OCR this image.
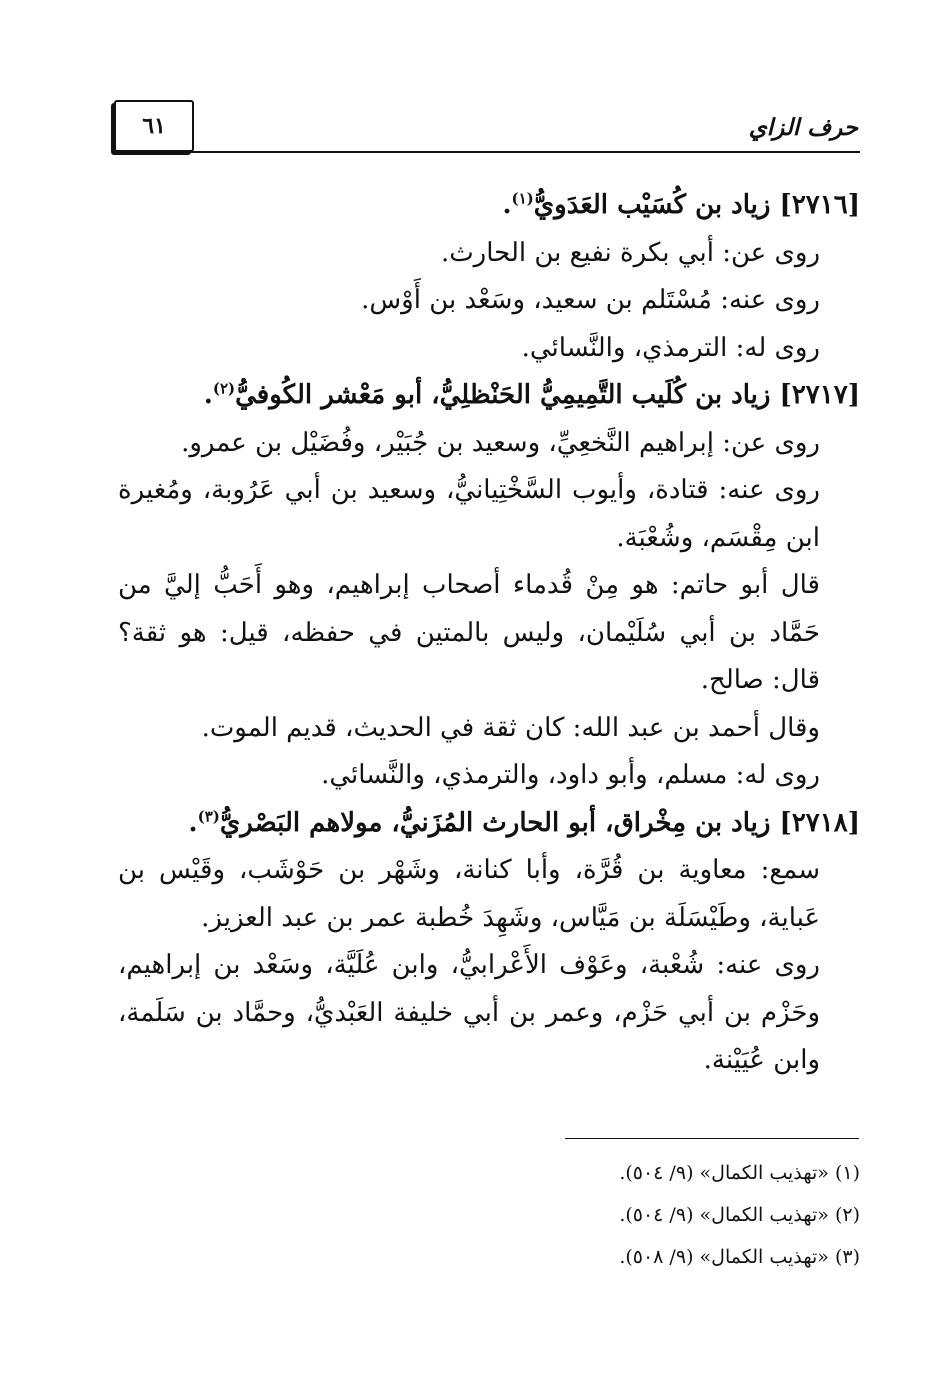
٦١	حرف الزاي

[٢٧١٦] زياد بن كُسَيْب العَدَويُّ$^{(١)}$.

روى عن: أبي بكرة نفيع بن الحارث.

روى عنه: مُسْتَلم بن سعيد، وسَعْد بن أَوْس.

روى له: الترمذي، والنَّسائي.

[٢٧١٧] زياد بن كُلَيب التَّمِيمِيُّ الحَنْظلِيُّ، أبو مَعْشر الكُوفيُّ$^{(٢)}$.

روى عن: إبراهيم النَّخعِيِّ، وسعيد بن جُبَيْر، وفُضَيْل بن عمرو.

روى عنه: قتادة، وأيوب السَّخْتِيانيُّ، وسعيد بن أبي عَرُوبة، ومُغيرة ابن مِقْسَم، وشُعْبَة.

قال أبو حاتم: هو مِنْ قُدماء أصحاب إبراهيم، وهو أَحَبُّ إليَّ من حَمَّاد بن أبي سُلَيْمان، وليس بالمتين في حفظه، قيل: هو ثقة؟ قال: صالح.

وقال أحمد بن عبد الله: كان ثقة في الحديث، قديم الموت.

روى له: مسلم، وأبو داود، والترمذي، والنَّسائي.

[٢٧١٨] زياد بن مِخْراق، أبو الحارث المُزَنيُّ، مولاهم البَصْريُّ$^{(٣)}$.

سمع: معاوية بن قُرَّة، وأبا كنانة، وشَهْر بن حَوْشَب، وقَيْس بن عَباية، وطَيْسَلَة بن مَيَّاس، وشَهِدَ خُطبة عمر بن عبد العزيز.

روى عنه: شُعْبة، وعَوْف الأَعْرابيُّ، وابن عُلَيَّة، وسَعْد بن إبراهيم، وحَزْم بن أبي حَزْم، وعمر بن أبي خليفة العَبْديُّ، وحمَّاد بن سَلَمة، وابن عُيَيْنة.

(١) «تهذيب الكمال» (٩/ ٥٠٤).

(٢) «تهذيب الكمال» (٩/ ٥٠٤).

(٣) «تهذيب الكمال» (٩/ ٥٠٨).
